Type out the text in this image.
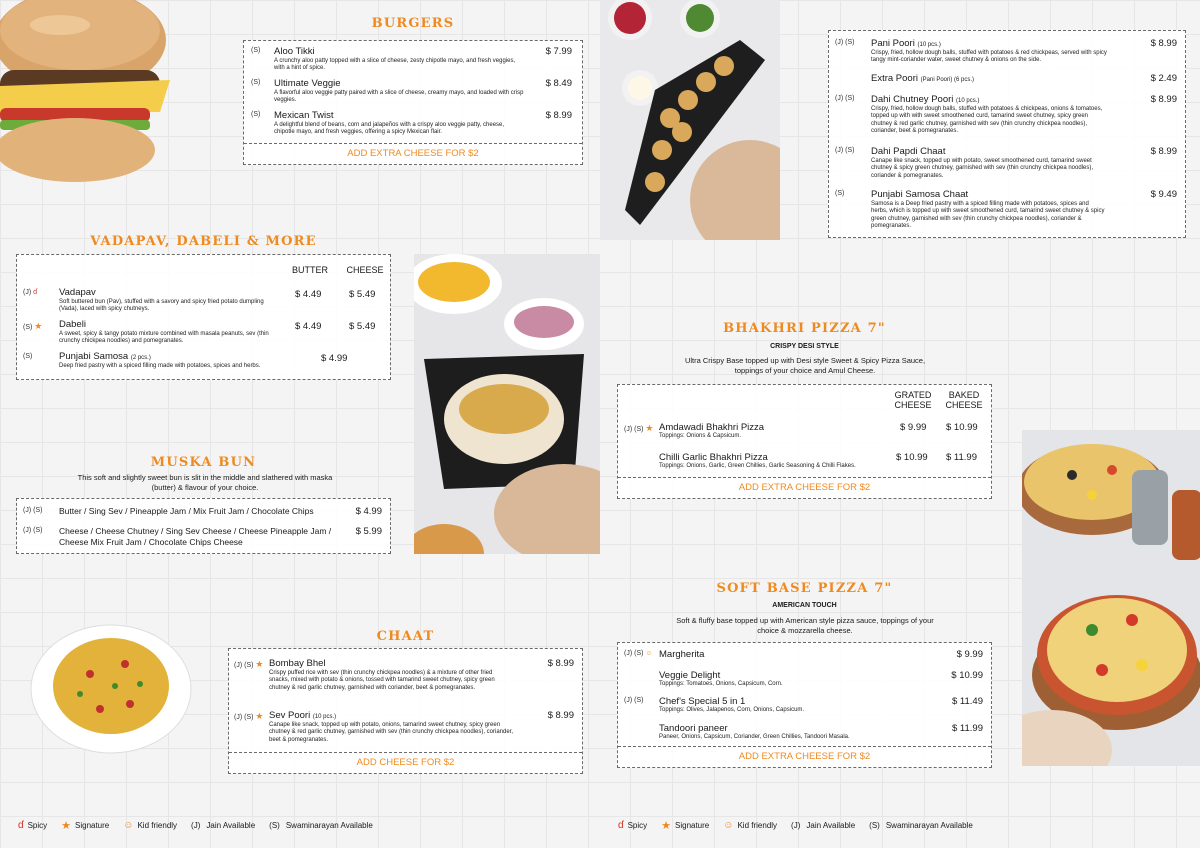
BURGERS
(S) Aloo Tikki
A crunchy aloo patty topped with a slice of cheese, zesty chipotle mayo, and fresh veggies, with a hint of spice.
$ 7.99
(S) Ultimate Veggie
A flavorful aloo veggie patty paired with a slice of cheese, creamy mayo, and loaded with crisp veggies.
$ 8.49
(S) Mexican Twist
A delightful blend of beans, corn and jalapeños with a crispy aloo veggie patty, cheese, chipotle mayo, and fresh veggies, offering a spicy Mexican flair.
$ 8.99
ADD EXTRA CHEESE FOR $2
VADAPAV, DABELI & MORE
BUTTER	CHEESE
(J) ɗ Vadapav
Soft buttered bun (Pav), stuffed with a savory and spicy fried potato dumpling (Vada), laced with spicy chutneys.
$ 4.49	$ 5.49
(S) ★ Dabeli
A sweet, spicy & tangy potato mixture combined with masala peanuts, sev (thin crunchy chickpea noodles) and pomegranates.
$ 4.49	$ 5.49
(S)	Punjabi Samosa (2 pcs.)
Deep fried pastry with a spiced filling made with potatoes, spices and herbs.
$ 4.99
MUSKA BUN
This soft and slightly sweet bun is slit in the middle and slathered with maska (butter) & flavour of your choice.
(J) (S) Butter / Sing Sev / Pineapple Jam / Mix Fruit Jam / Chocolate Chips	$ 4.99
(J) (S) Cheese / Cheese Chutney / Sing Sev Cheese / Cheese Pineapple Jam / Cheese Mix Fruit Jam / Chocolate Chips Cheese
$ 5.99
CHAAT
(J) (S) ★ Bombay Bhel
Crispy puffed rice with sev (thin crunchy chickpea noodles) & a mixture of other fried snacks, mixed with potato & onions, tossed with tamarind sweet chutney, spicy green chutney & red garlic chutney, garnished with coriander, beet & pomegranates.
$ 8.99
(J) (S) ★ Sev Poori (10 pcs.)
Canape like snack, topped up with potato, onions, tamarind sweet chutney, spicy green chutney & red garlic chutney, garnished with sev (thin crunchy chickpea noodles), coriander, beet & pomegranates.
$ 8.99
ADD CHEESE FOR $2
(J) (S) Pani Poori (10 pcs.)
Crispy, fried, hollow dough balls, stuffed with potatoes & red chickpeas, served with spicy tangy mint-coriander water, sweet chutney & onions on the side.
$ 8.99
Extra Poori (Pani Poori) (6 pcs.)	$ 2.49
(J) (S) Dahi Chutney Poori (10 pcs.)
Crispy, fried, hollow dough balls, stuffed with potatoes & chickpeas, onions & tomatoes, topped up with with sweet smoothened curd, tamarind sweet chutney, spicy green chutney & red garlic chutney, garnished with sev (thin crunchy chickpea noodles), coriander, beet & pomegranates.
$ 8.99
(J) (S) Dahi Papdi Chaat
Canape like snack, topped up with potato, sweet smoothened curd, tamarind sweet chutney & spicy green chutney, garnished with sev (thin crunchy chickpea noodles), coriander & pomegranates.
$ 8.99
(S)	Punjabi Samosa Chaat
Samosa is a Deep fried pastry with a spiced filling made with potatoes, spices and herbs, which is topped up with sweet smoothened curd, tamarind sweet chutney & spicy green chutney, garnished with sev (thin crunchy chickpea noodles), coriander & pomegranates.
$ 9.49
BHAKHRI PIZZA 7"
CRISPY DESI STYLE
Ultra Crispy Base topped up with Desi style Sweet & Spicy Pizza Sauce, toppings of your choice and Amul Cheese.
GRATED CHEESE
BAKED CHEESE
(J) (S) ★ Amdawadi Bhakhri Pizza
Toppings: Onions & Capsicum.
$ 9.99 $ 10.99
Chilli Garlic Bhakhri Pizza
Toppings: Onions, Garlic, Green Chillies, Garlic Seasoning & Chilli Flakes.
$ 10.99 $ 11.99
ADD EXTRA CHEESE FOR $2
SOFT BASE PIZZA 7"
AMERICAN TOUCH
Soft & fluffy base topped up with American style pizza sauce, toppings of your choice & mozzarella cheese.
(J) (S) ☺ Margherita	$ 9.99
Veggie Delight
Toppings: Tomatoes, Onions, Capsicum, Corn.
$ 10.99
(J) (S) Chef's Special 5 in 1
Toppings: Olives, Jalapenos, Corn, Onions, Capsicum.
$ 11.49
Tandoori paneer
Paneer, Onions, Capsicum, Coriander, Green Chillies, Tandoori Masala.
$ 11.99
ADD EXTRA CHEESE FOR $2
ɗ Spicy ★ Signature ☺ Kid friendly (J) Jain Available (S) Swaminarayan Available	ɗ Spicy ★ Signature ☺ Kid friendly (J) Jain Available (S) Swaminarayan Available
